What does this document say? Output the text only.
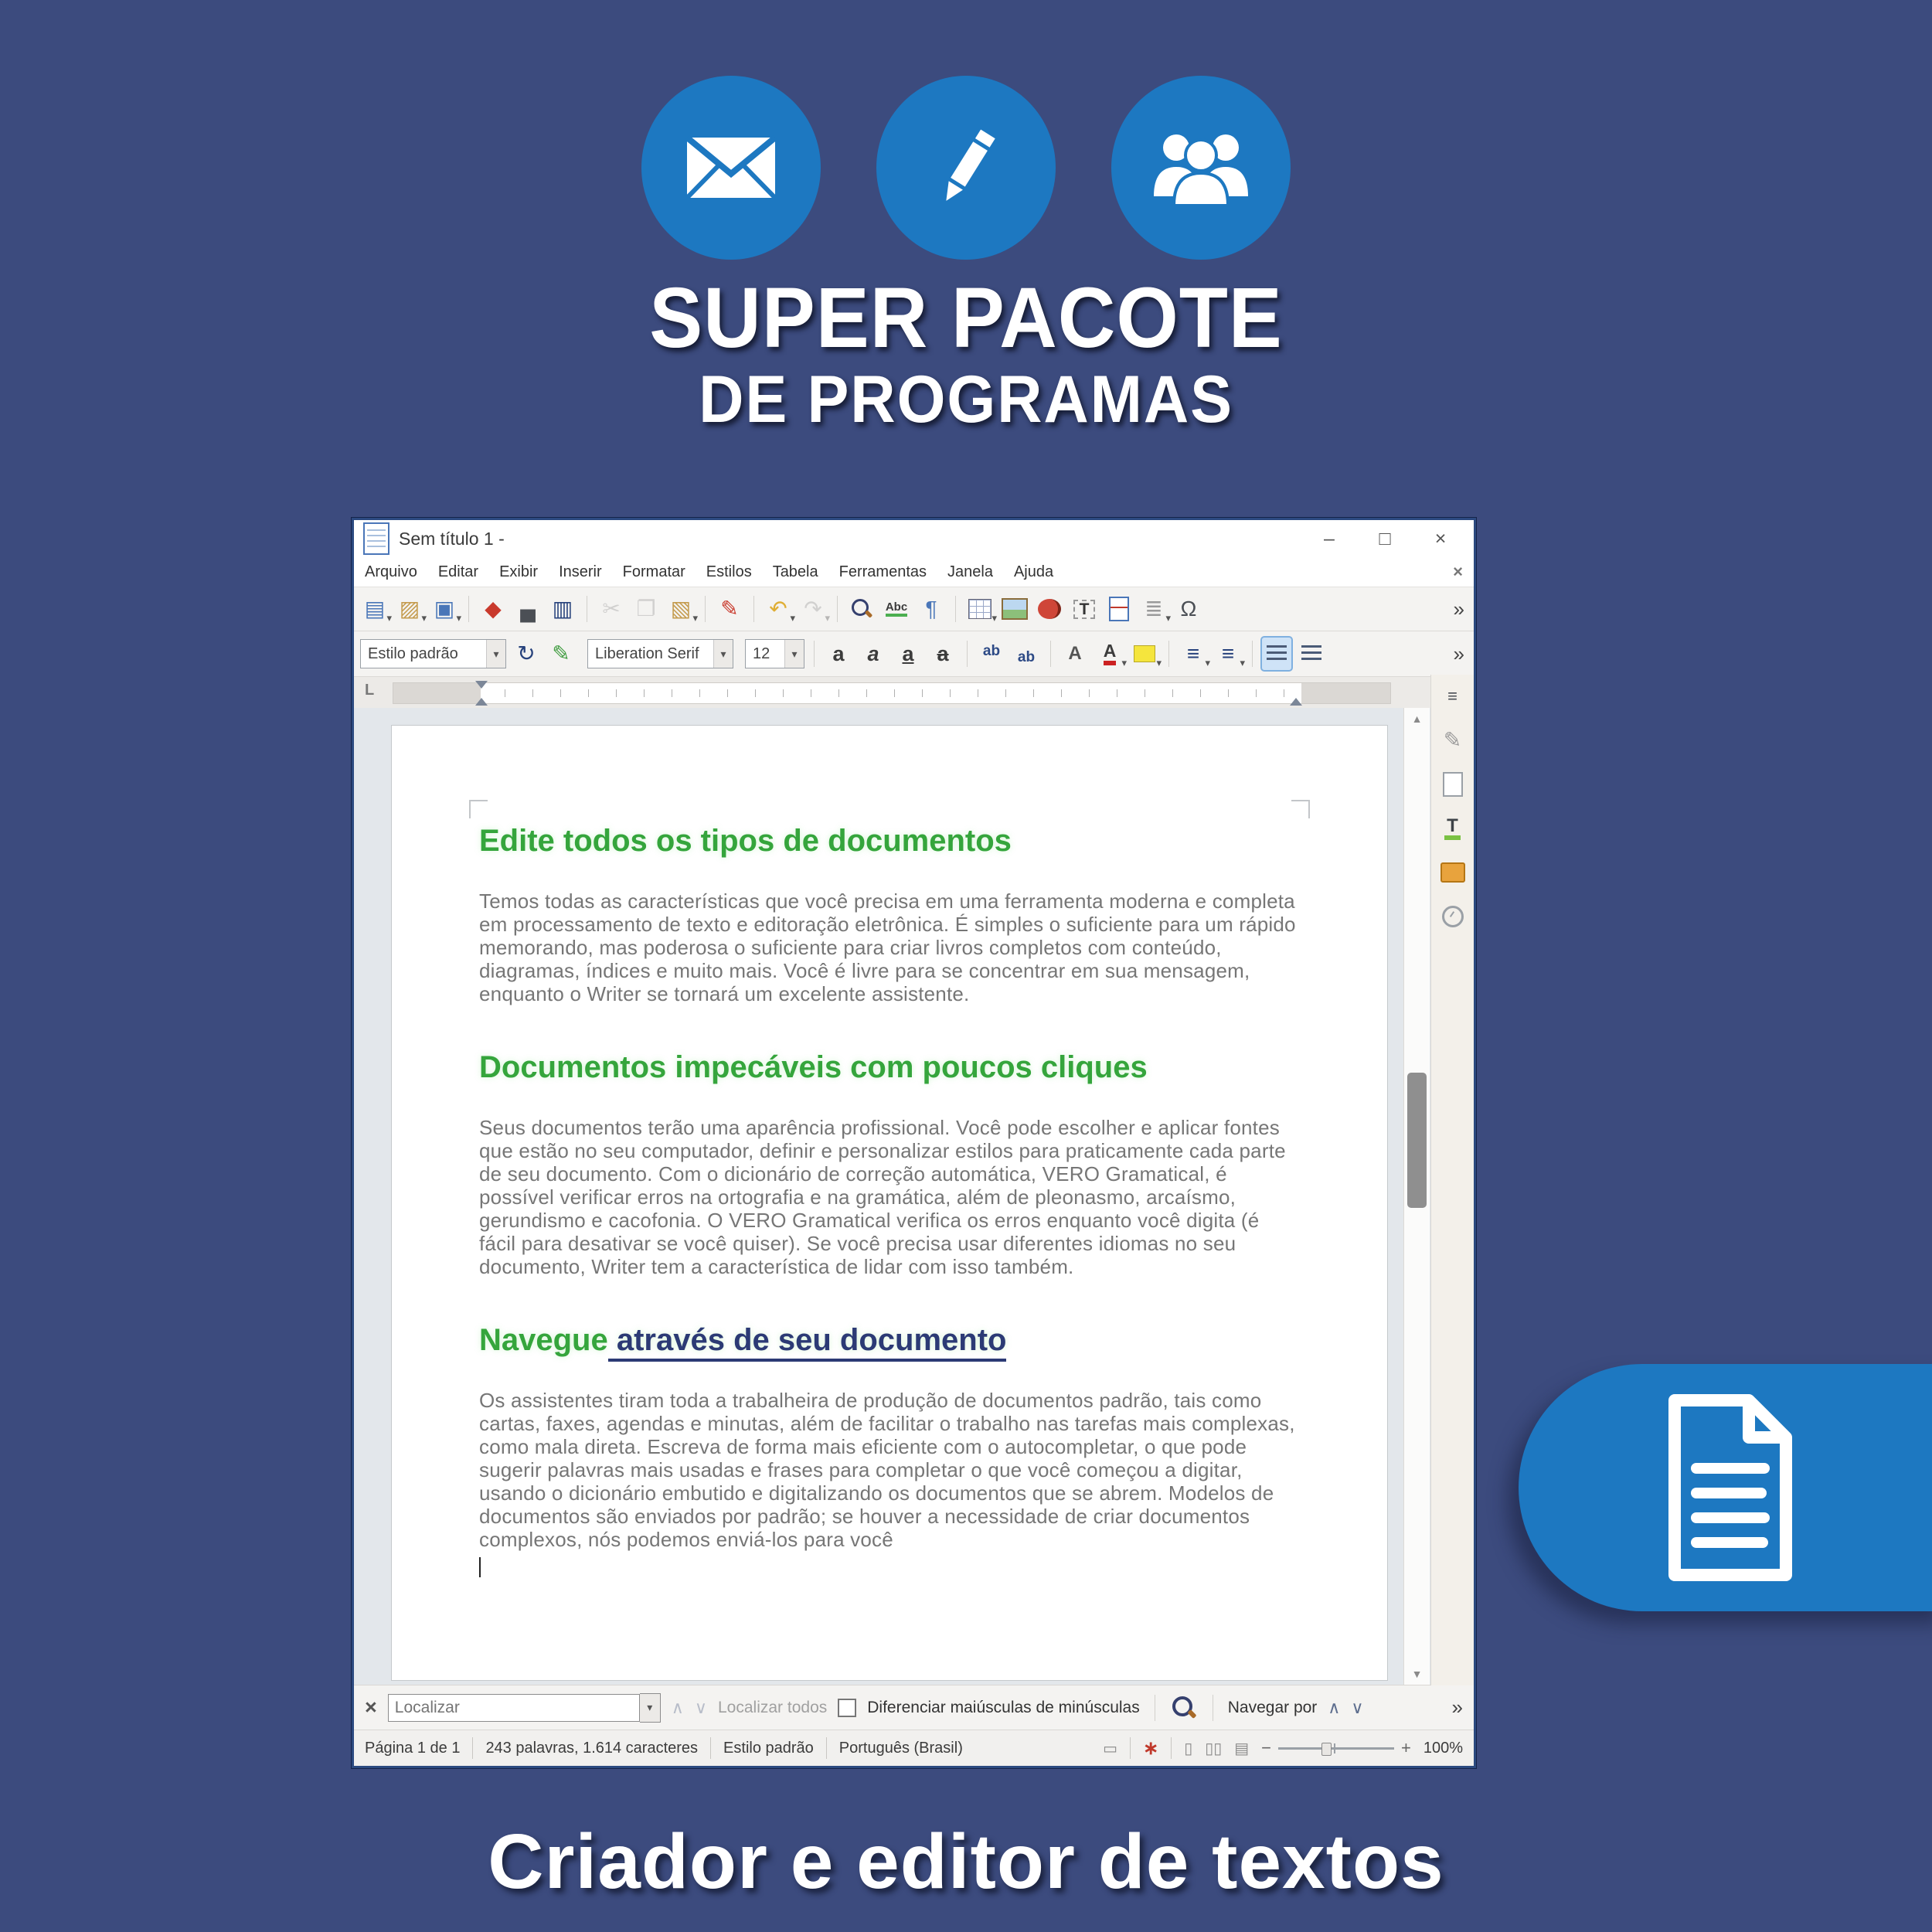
SUPER PACOTE
DE PROGRAMAS
Sem título 1 -	–	□	×
Arquivo Editar Exibir Inserir Formatar Estilos Tabela Ferramentas Janela Ajuda	×
▤ ▾ ▨ ▾ ▣ ▾ ◆ ▄ ▥ ✂ ❐ ▧ ▾ ✎ ↶ ▾ ↷ ▾
Abc ¶	▾	T	≣ ▾ Ω	»
Estilo padrão	▾ ↻ ✎ Liberation Serif	▾	12	▾	a a a a ab ab A A
▾	▾ ≡ ▾ ≡ ▾	»
L
Edite todos os tipos de documentos

Temos todas as características que você precisa em uma ferramenta moderna e completa em processamento de texto e editoração eletrônica. É simples o suficiente para um rápido memorando, mas poderosa o suficiente para criar livros completos com conteúdo, diagramas, índices e muito mais. Você é livre para se concentrar em sua mensagem, enquanto o Writer se tornará um excelente assistente.

Documentos impecáveis com poucos cliques

Seus documentos terão uma aparência profissional. Você pode escolher e aplicar fontes que estão no seu computador, definir e personalizar estilos para praticamente cada parte de seu documento. Com o dicionário de correção automática, VERO Gramatical, é possível verificar erros na ortografia e na gramática, além de pleonasmo, arcaísmo, gerundismo e cacofonia. O VERO Gramatical verifica os erros enquanto você digita (é fácil para desativar se você quiser). Se você precisa usar diferentes idiomas no seu documento, Writer tem a característica de lidar com isso também.

Navegue através de seu documento

Os assistentes tiram toda a trabalheira de produção de documentos padrão, tais como cartas, faxes, agendas e minutas, além de facilitar o trabalho nas tarefas mais complexas, como mala direta. Escreva de forma mais eficiente com o autocompletar, o que pode sugerir palavras mais usadas e frases para completar o que você começou a digitar, usando o dicionário embutido e digitalizando os documentos que se abrem. Modelos de documentos são enviados por padrão; se houver a necessidade de criar documentos complexos, nós podemos enviá-los para você

▲
▼
≡
✎
T
×
Localizar	▾	∧ ∨ Localizar todos Diferenciar maiúsculas de minúsculas	Navegar por ∧ ∨	»
Página 1 de 1 243 palavras, 1.614 caracteres Estilo padrão Português (Brasil)	▭ ∗ ▯ ▯▯ ▤ −	+ 100%
Criador e editor de textos
